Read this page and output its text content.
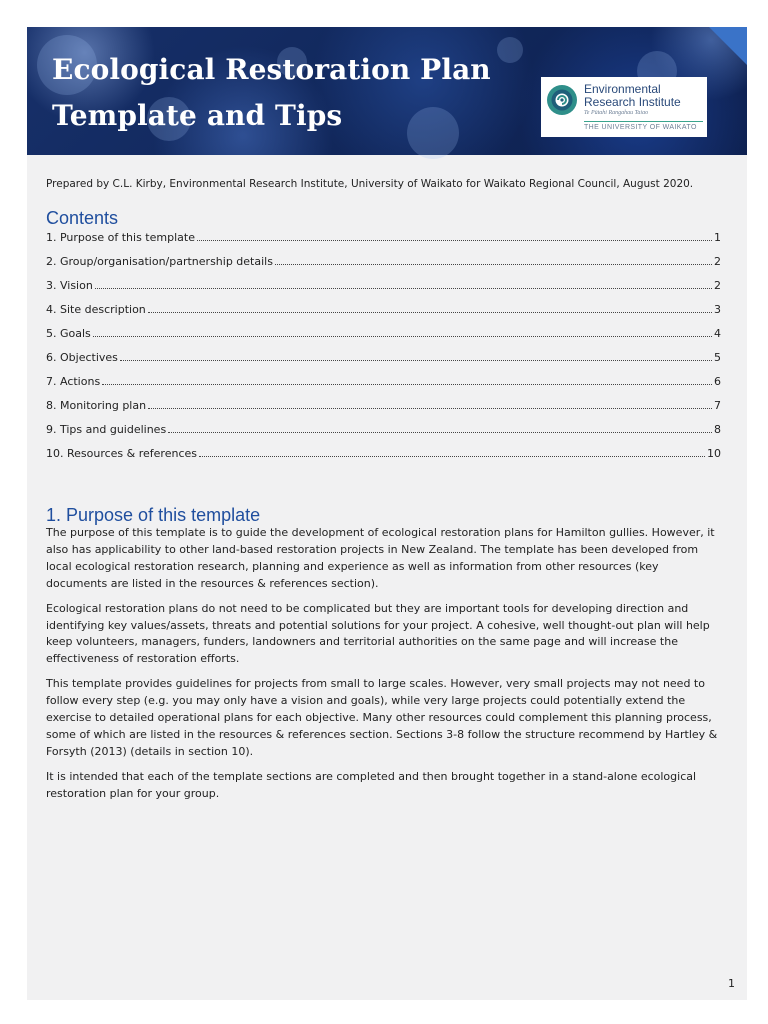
Ecological Restoration Plan
Template and Tips
Environmental
Research Institute
Te Pūtahi Rangahau Taiao
THE UNIVERSITY OF WAIKATO
Prepared by C.L. Kirby, Environmental Research Institute, University of Waikato for Waikato Regional Council, August 2020.
Contents
1. Purpose of this template	1
2. Group/organisation/partnership details	2
3. Vision	2
4. Site description	3
5. Goals	4
6. Objectives	5
7. Actions	6
8. Monitoring plan	7
9. Tips and guidelines	8
10. Resources & references	10
1. Purpose of this template

The purpose of this template is to guide the development of ecological restoration plans for Hamilton gullies. However, it also has applicability to other land-based restoration projects in New Zealand. The template has been developed from local ecological restoration research, planning and experience as well as information from other resources (key documents are listed in the resources & references section).

Ecological restoration plans do not need to be complicated but they are important tools for developing direction and identifying key values/assets, threats and potential solutions for your project. A cohesive, well thought-out plan will help keep volunteers, managers, funders, landowners and territorial authorities on the same page and will increase the effectiveness of restoration efforts.

This template provides guidelines for projects from small to large scales. However, very small projects may not need to follow every step (e.g. you may only have a vision and goals), while very large projects could potentially extend the exercise to detailed operational plans for each objective. Many other resources could complement this planning process, some of which are listed in the resources & references section. Sections 3-8 follow the structure recommend by Hartley & Forsyth (2013) (details in section 10).

It is intended that each of the template sections are completed and then brought together in a stand-alone ecological restoration plan for your group.

1
